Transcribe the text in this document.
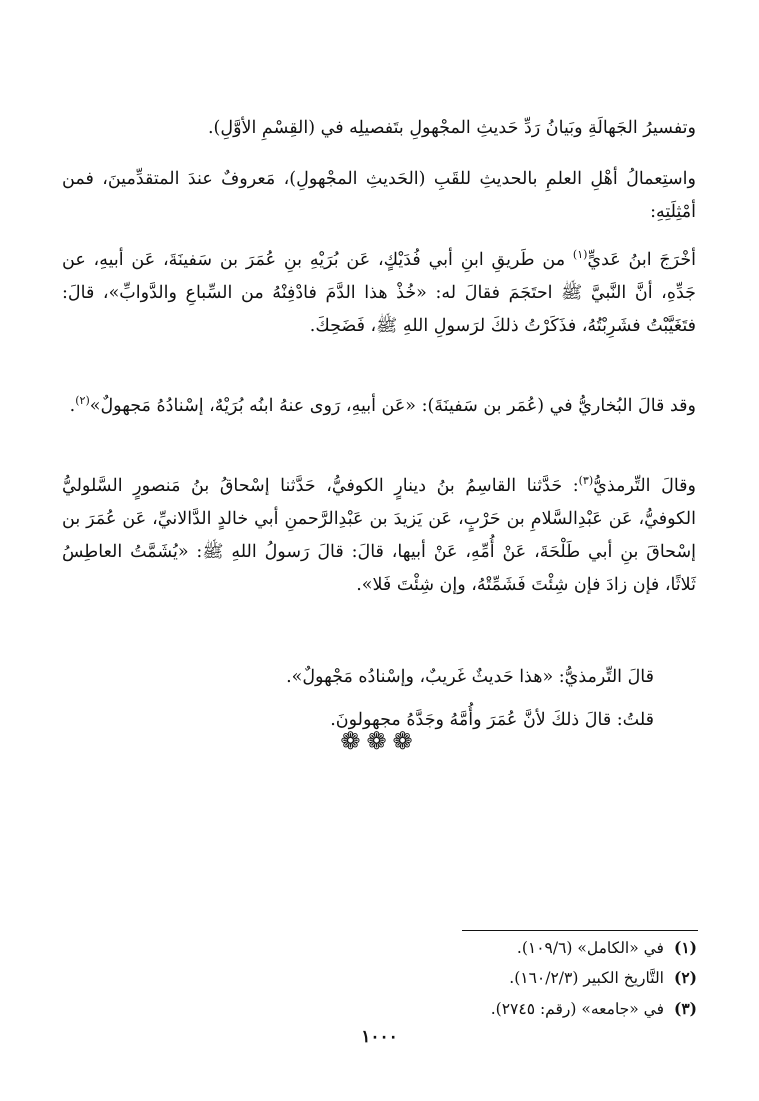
وتفسيرُ الجَهالَةِ وبَيانُ رَدِّ حَديثِ المجْهولِ بتَفصيلِه في (القِسْمِ الأوَّلِ).

واستِعمالُ أهْلِ العلمِ بالحديثِ للقَبِ (الحَديثِ المجْهولِ)، مَعروفٌ عندَ المتقدِّمينَ، فمن أمْثِلَتِهِ:

أخْرَجَ ابنُ عَديٍّ$^{(١)}$ من طَريقِ ابنِ أبي فُدَيْكٍ، عَن بُرَيْهِ بنِ عُمَرَ بن سَفينَةَ، عَن أبيهِ، عن جَدِّهِ، أنَّ النَّبيَّ ﷺ احتَجَمَ فقالَ له: «خُذْ هذا الدَّمَ فادْفِنْهُ من السِّباعِ والدَّوابِّ»، قالَ: فتَغَيَّبْتُ فشَرِبْتُهُ، فذَكَرْتُ ذلكَ لرَسولِ اللهِ ﷺ، فَضَحِكَ.

وقد قالَ البُخاريُّ في (عُمَر بن سَفينَةَ): «عَن أبيهِ، رَوى عنهُ ابنُه بُرَيْهٌ، إسْنادُهُ مَجهولٌ»$^{(٢)}$.

وقالَ التِّرمذيُّ$^{(٣)}$: حَدَّثنا القاسِمُ بنُ دينارٍ الكوفيُّ، حَدَّثنا إسْحاقُ بنُ مَنصورٍ السَّلوليُّ الكوفيُّ، عَن عَبْدِالسَّلامِ بن حَرْبٍ، عَن يَزيدَ بن عَبْدِالرَّحمنِ أبي خالدٍ الدَّالانيِّ، عَن عُمَرَ بن إسْحاقَ بنِ أبي طَلْحَةَ، عَنْ أُمِّهِ، عَنْ أبيها، قالَ: قالَ رَسولُ اللهِ ﷺ: «يُشَمَّتُ العاطِسُ ثَلاثًا، فإن زادَ فإن شِئْتَ فَشَمِّتْهُ، وإن شِئْتَ فَلا».

قالَ التِّرمذيُّ: «هذا حَديثٌ غَريبٌ، وإسْنادُه مَجْهولٌ».

قلتُ: قالَ ذلكَ لأنَّ عُمَرَ وأُمَّهُ وجَدَّهُ مجهولونَ.

❁❁❁
(١)في «الكامل» (١٠٩/٦).
(٢)التَّاريخ الكبير (١٦٠/٢/٣).
(٣)في «جامعه» (رقم: ٢٧٤٥).
١٠٠٠
